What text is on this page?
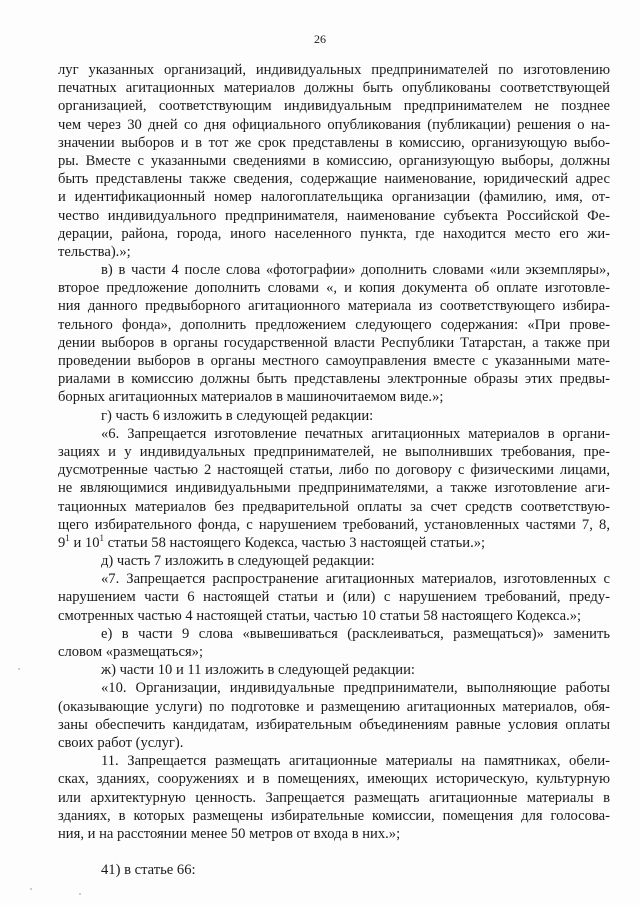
26
луг указанных организаций, индивидуальных предпринимателей по изготовлению
печатных агитационных материалов должны быть опубликованы соответствующей
организацией, соответствующим индивидуальным предпринимателем не позднее
чем через 30 дней со дня официального опубликования (публикации) решения о на-
значении выборов и в тот же срок представлены в комиссию, организующую выбо-
ры. Вместе с указанными сведениями в комиссию, организующую выборы, должны
быть представлены также сведения, содержащие наименование, юридический адрес
и идентификационный номер налогоплательщика организации (фамилию, имя, от-
чество индивидуального предпринимателя, наименование субъекта Российской Фе-
дерации, района, города, иного населенного пункта, где находится место его жи-
тельства).»;
в) в части 4 после слова «фотографии» дополнить словами «или экземпляры»,
второе предложение дополнить словами «, и копия документа об оплате изготовле-
ния данного предвыборного агитационного материала из соответствующего избира-
тельного фонда», дополнить предложением следующего содержания: «При прове-
дении выборов в органы государственной власти Республики Татарстан, а также при
проведении выборов в органы местного самоуправления вместе с указанными мате-
риалами в комиссию должны быть представлены электронные образы этих предвы-
борных агитационных материалов в машиночитаемом виде.»;
г) часть 6 изложить в следующей редакции:
«6. Запрещается изготовление печатных агитационных материалов в органи-
зациях и у индивидуальных предпринимателей, не выполнивших требования, пре-
дусмотренные частью 2 настоящей статьи, либо по договору с физическими лицами,
не являющимися индивидуальными предпринимателями, а также изготовление аги-
тационных материалов без предварительной оплаты за счет средств соответствую-
щего избирательного фонда, с нарушением требований, установленных частями 7, 8,
$9^1$ и $10^1$ статьи 58 настоящего Кодекса, частью 3 настоящей статьи.»;
д) часть 7 изложить в следующей редакции:
«7. Запрещается распространение агитационных материалов, изготовленных с
нарушением части 6 настоящей статьи и (или) с нарушением требований, преду-
смотренных частью 4 настоящей статьи, частью 10 статьи 58 настоящего Кодекса.»;
е) в части 9 слова «вывешиваться (расклеиваться, размещаться)» заменить
словом «размещаться»;
ж) части 10 и 11 изложить в следующей редакции:
«10. Организации, индивидуальные предприниматели, выполняющие работы
(оказывающие услуги) по подготовке и размещению агитационных материалов, обя-
заны обеспечить кандидатам, избирательным объединениям равные условия оплаты
своих работ (услуг).
11. Запрещается размещать агитационные материалы на памятниках, обели-
сках, зданиях, сооружениях и в помещениях, имеющих историческую, культурную
или архитектурную ценность. Запрещается размещать агитационные материалы в
зданиях, в которых размещены избирательные комиссии, помещения для голосова-
ния, и на расстоянии менее 50 метров от входа в них.»;
41) в статье 66:
